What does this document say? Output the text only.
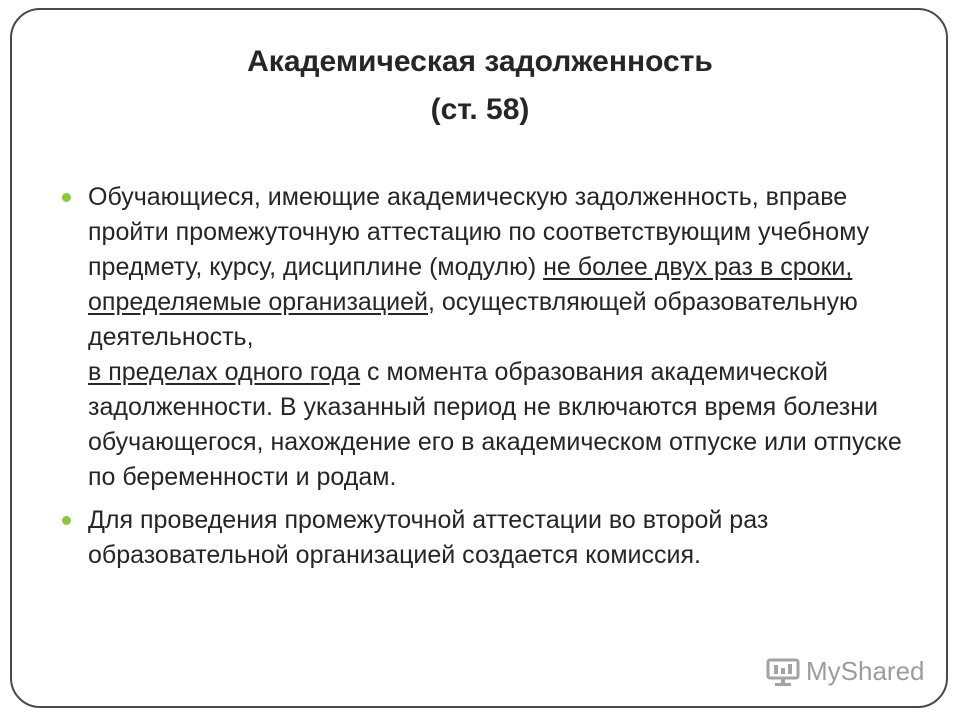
Академическая задолженность
(ст. 58)
Обучающиеся, имеющие академическую задолженность, вправе пройти промежуточную аттестацию по соответствующим учебному предмету, курсу, дисциплине (модулю) не более двух раз в сроки, определяемые организацией, осуществляющей образовательную деятельность,
в пределах одного года с момента образования академической задолженности. В указанный период не включаются время болезни обучающегося, нахождение его в академическом отпуске или отпуске по беременности и родам.
Для проведения промежуточной аттестации во второй раз образовательной организацией создается комиссия.
MyShared
